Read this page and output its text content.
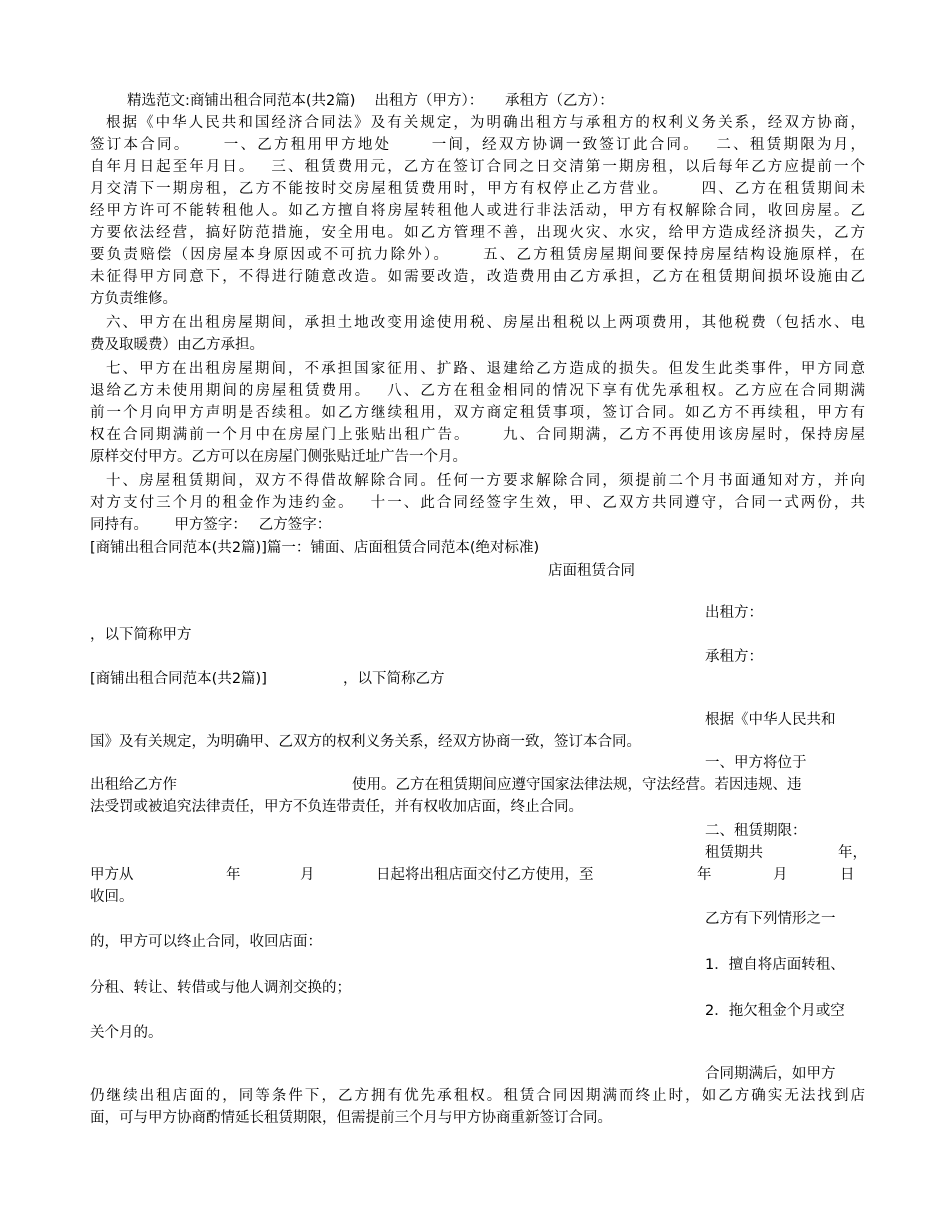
精选范文:商铺出租合同范本(共2篇)　 出租方（甲方）：　　承租方（乙方）：
根据《中华人民共和国经济合同法》及有关规定，为明确出租方与承租方的权利义务关系，经双方协商，
签订本合同。　　 一、乙方租用甲方地处　　 一间，经双方协调一致签订此合同。　 二、租赁期限为月，
自年月日起至年月日。　 三、租赁费用元，乙方在签订合同之日交清第一期房租，以后每年乙方应提前一个
月交清下一期房租，乙方不能按时交房屋租赁费用时，甲方有权停止乙方营业。　　 四、乙方在租赁期间未
经甲方许可不能转租他人。如乙方擅自将房屋转租他人或进行非法活动，甲方有权解除合同，收回房屋。乙
方要依法经营，搞好防范措施，安全用电。如乙方管理不善，出现火灾、水灾，给甲方造成经济损失，乙方
要负责赔偿（因房屋本身原因或不可抗力除外）。　　 五、乙方租赁房屋期间要保持房屋结构设施原样，在
未征得甲方同意下，不得进行随意改造。如需要改造，改造费用由乙方承担，乙方在租赁期间损坏设施由乙
方负责维修。
六、甲方在出租房屋期间，承担土地改变用途使用税、房屋出租税以上两项费用，其他税费（包括水、电
费及取暖费）由乙方承担。
七、甲方在出租房屋期间，不承担国家征用、扩路、退建给乙方造成的损失。但发生此类事件，甲方同意
退给乙方未使用期间的房屋租赁费用。　 八、乙方在租金相同的情况下享有优先承租权。乙方应在合同期满
前一个月向甲方声明是否续租。如乙方继续租用，双方商定租赁事项，签订合同。如乙方不再续租，甲方有
权在合同期满前一个月中在房屋门上张贴出租广告。　　 九、合同期满，乙方不再使用该房屋时，保持房屋
原样交付甲方。乙方可以在房屋门侧张贴迁址广告一个月。
十、房屋租赁期间，双方不得借故解除合同。任何一方要求解除合同，须提前二个月书面通知对方，并向
对方支付三个月的租金作为违约金。　 十一、此合同经签字生效，甲、乙双方共同遵守，合同一式两份，共
同持有。　　 甲方签字：　 乙方签字：
[商铺出租合同范本(共2篇)]篇一：铺面、店面租赁合同范本(绝对标准)
店面租赁合同
出租方：
，以下简称甲方
承租方：
[商铺出租合同范本(共2篇)]	，以下简称乙方
根据《中华人民共和
国》及有关规定，为明确甲、乙双方的权利义务关系，经双方协商一致，签订本合同。
一、甲方将位于
出租给乙方作	使用。乙方在租赁期间应遵守国家法律法规，守法经营。若因违规、违
法受罚或被追究法律责任，甲方不负连带责任，并有权收加店面，终止合同。
二、租赁期限：
租赁期共	年，
甲方从	年	月	日起将出租店面交付乙方使用，至	年	月	日
收回。
乙方有下列情形之一
的，甲方可以终止合同，收回店面：
1．擅自将店面转租、
分租、转让、转借或与他人调剂交换的；
2．拖欠租金个月或空
关个月的。
合同期满后，如甲方
仍继续出租店面的，同等条件下，乙方拥有优先承租权。租赁合同因期满而终止时，如乙方确实无法找到店
面，可与甲方协商酌情延长租赁期限，但需提前三个月与甲方协商重新签订合同。
